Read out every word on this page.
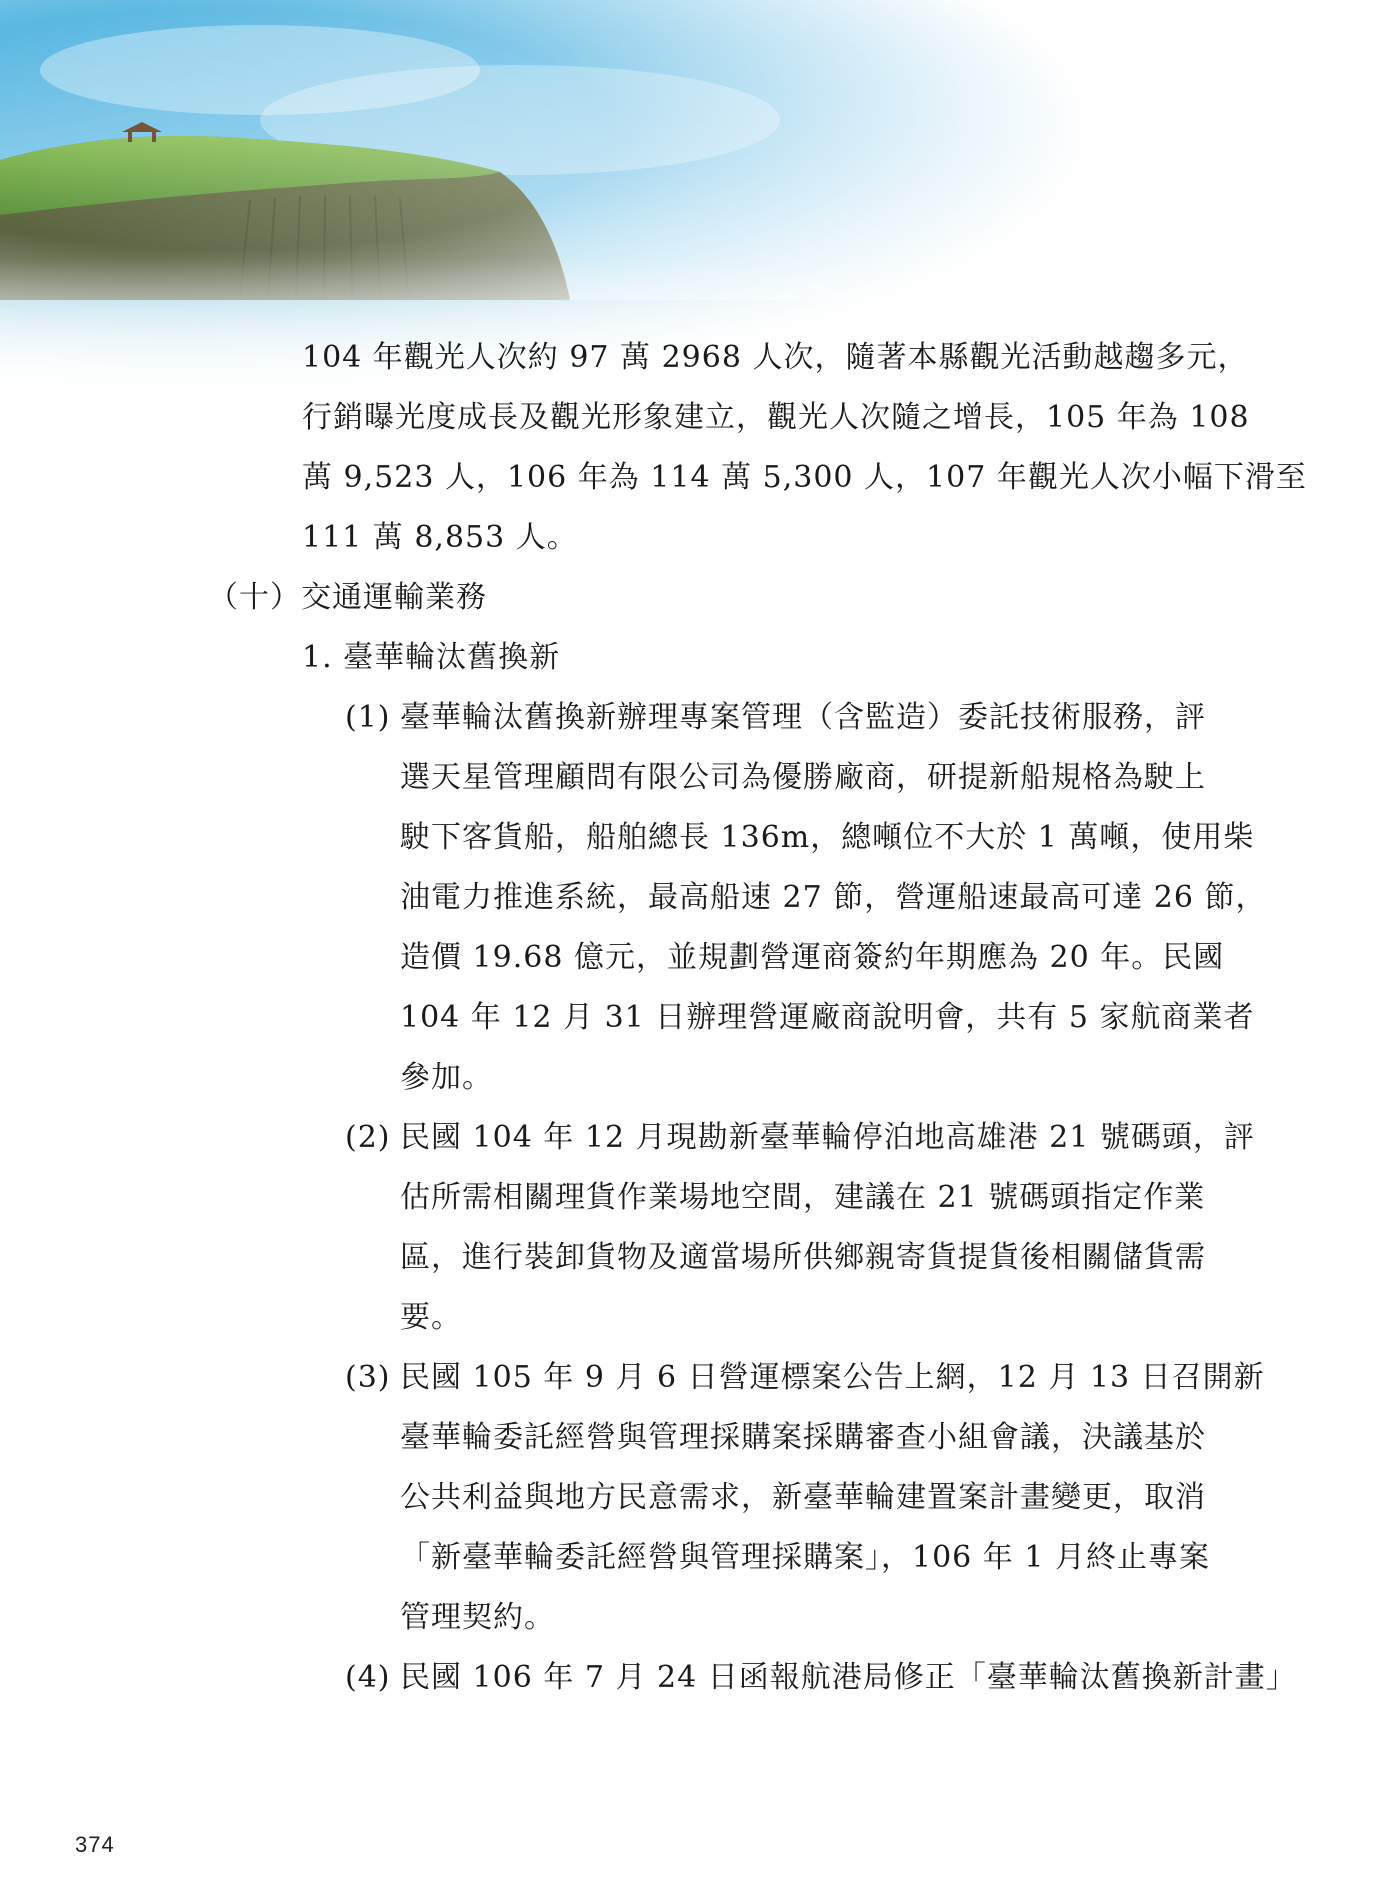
104 年觀光人次約 97 萬 2968 人次，隨著本縣觀光活動越趨多元，
行銷曝光度成長及觀光形象建立，觀光人次隨之增長，105 年為 108
萬 9,523 人，106 年為 114 萬 5,300 人，107 年觀光人次小幅下滑至
111 萬 8,853 人。
（十）交通運輸業務
1. 臺華輪汰舊換新
(1) 臺華輪汰舊換新辦理專案管理（含監造）委託技術服務，評
選天星管理顧問有限公司為優勝廠商，研提新船規格為駛上
駛下客貨船，船舶總長 136m，總噸位不大於 1 萬噸，使用柴
油電力推進系統，最高船速 27 節，營運船速最高可達 26 節，
造價 19.68 億元，並規劃營運商簽約年期應為 20 年。民國
104 年 12 月 31 日辦理營運廠商說明會，共有 5 家航商業者
參加。
(2) 民國 104 年 12 月現勘新臺華輪停泊地高雄港 21 號碼頭，評
估所需相關理貨作業場地空間，建議在 21 號碼頭指定作業
區，進行裝卸貨物及適當場所供鄉親寄貨提貨後相關儲貨需
要。
(3) 民國 105 年 9 月 6 日營運標案公告上網，12 月 13 日召開新
臺華輪委託經營與管理採購案採購審查小組會議，決議基於
公共利益與地方民意需求，新臺華輪建置案計畫變更，取消
「新臺華輪委託經營與管理採購案」，106 年 1 月終止專案
管理契約。
(4) 民國 106 年 7 月 24 日函報航港局修正「臺華輪汰舊換新計畫」
374
